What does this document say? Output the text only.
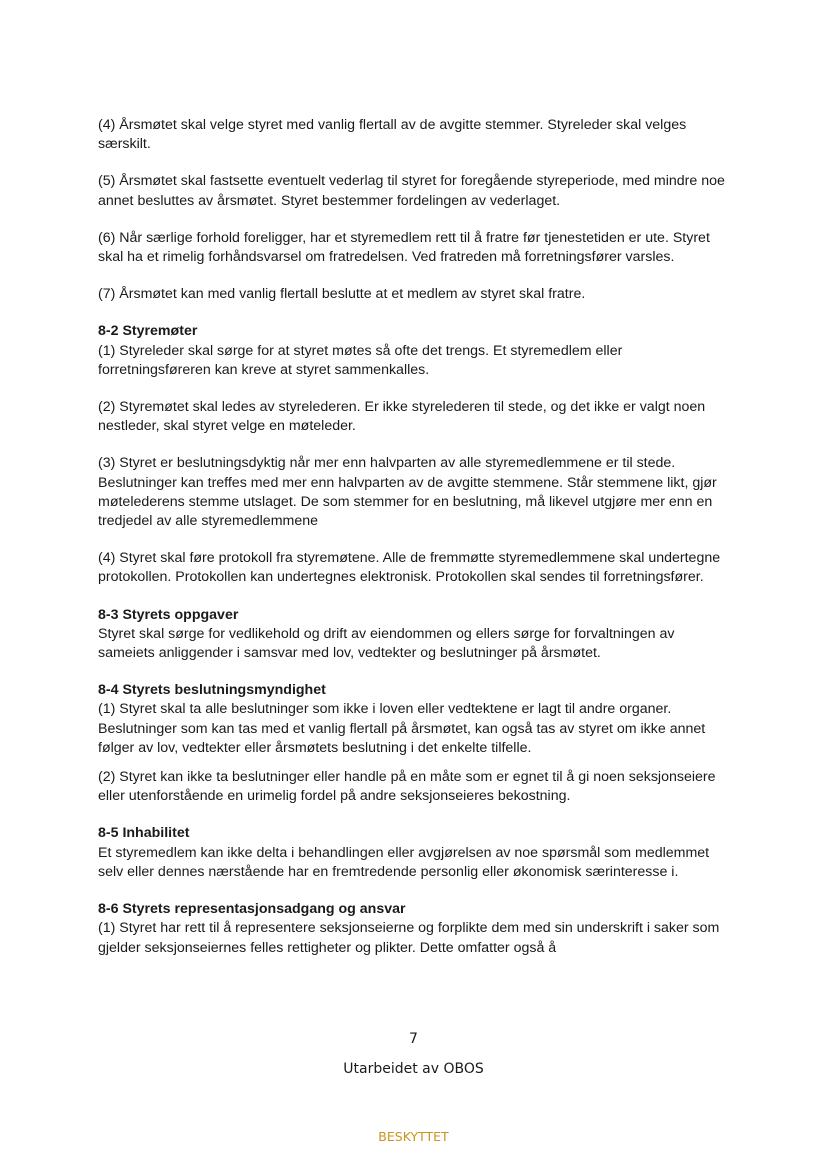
(4) Årsmøtet skal velge styret med vanlig flertall av de avgitte stemmer. Styreleder skal velges særskilt.

(5) Årsmøtet skal fastsette eventuelt vederlag til styret for foregående styreperiode, med mindre noe annet besluttes av årsmøtet. Styret bestemmer fordelingen av vederlaget.

(6) Når særlige forhold foreligger, har et styremedlem rett til å fratre før tjenestetiden er ute. Styret skal ha et rimelig forhåndsvarsel om fratredelsen. Ved fratreden må forretningsfører varsles.

(7) Årsmøtet kan med vanlig flertall beslutte at et medlem av styret skal fratre.

8-2 Styremøter

(1) Styreleder skal sørge for at styret møtes så ofte det trengs. Et styremedlem eller forretningsføreren kan kreve at styret sammenkalles.

(2) Styremøtet skal ledes av styrelederen. Er ikke styrelederen til stede, og det ikke er valgt noen nestleder, skal styret velge en møteleder.

(3) Styret er beslutningsdyktig når mer enn halvparten av alle styremedlemmene er til stede. Beslutninger kan treffes med mer enn halvparten av de avgitte stemmene. Står stemmene likt, gjør møtelederens stemme utslaget. De som stemmer for en beslutning, må likevel utgjøre mer enn en tredjedel av alle styremedlemmene

(4) Styret skal føre protokoll fra styremøtene. Alle de fremmøtte styremedlemmene skal undertegne protokollen. Protokollen kan undertegnes elektronisk. Protokollen skal sendes til forretningsfører.

8-3 Styrets oppgaver

Styret skal sørge for vedlikehold og drift av eiendommen og ellers sørge for forvaltningen av sameiets anliggender i samsvar med lov, vedtekter og beslutninger på årsmøtet.

8-4 Styrets beslutningsmyndighet

(1) Styret skal ta alle beslutninger som ikke i loven eller vedtektene er lagt til andre organer. Beslutninger som kan tas med et vanlig flertall på årsmøtet, kan også tas av styret om ikke annet følger av lov, vedtekter eller årsmøtets beslutning i det enkelte tilfelle.

(2) Styret kan ikke ta beslutninger eller handle på en måte som er egnet til å gi noen seksjonseiere eller utenforstående en urimelig fordel på andre seksjonseieres bekostning.

8-5 Inhabilitet

Et styremedlem kan ikke delta i behandlingen eller avgjørelsen av noe spørsmål som medlemmet selv eller dennes nærstående har en fremtredende personlig eller økonomisk særinteresse i.

8-6 Styrets representasjonsadgang og ansvar

(1) Styret har rett til å representere seksjonseierne og forplikte dem med sin underskrift i saker som gjelder seksjonseiernes felles rettigheter og plikter. Dette omfatter også å

7
Utarbeidet av OBOS
BESKYTTET
